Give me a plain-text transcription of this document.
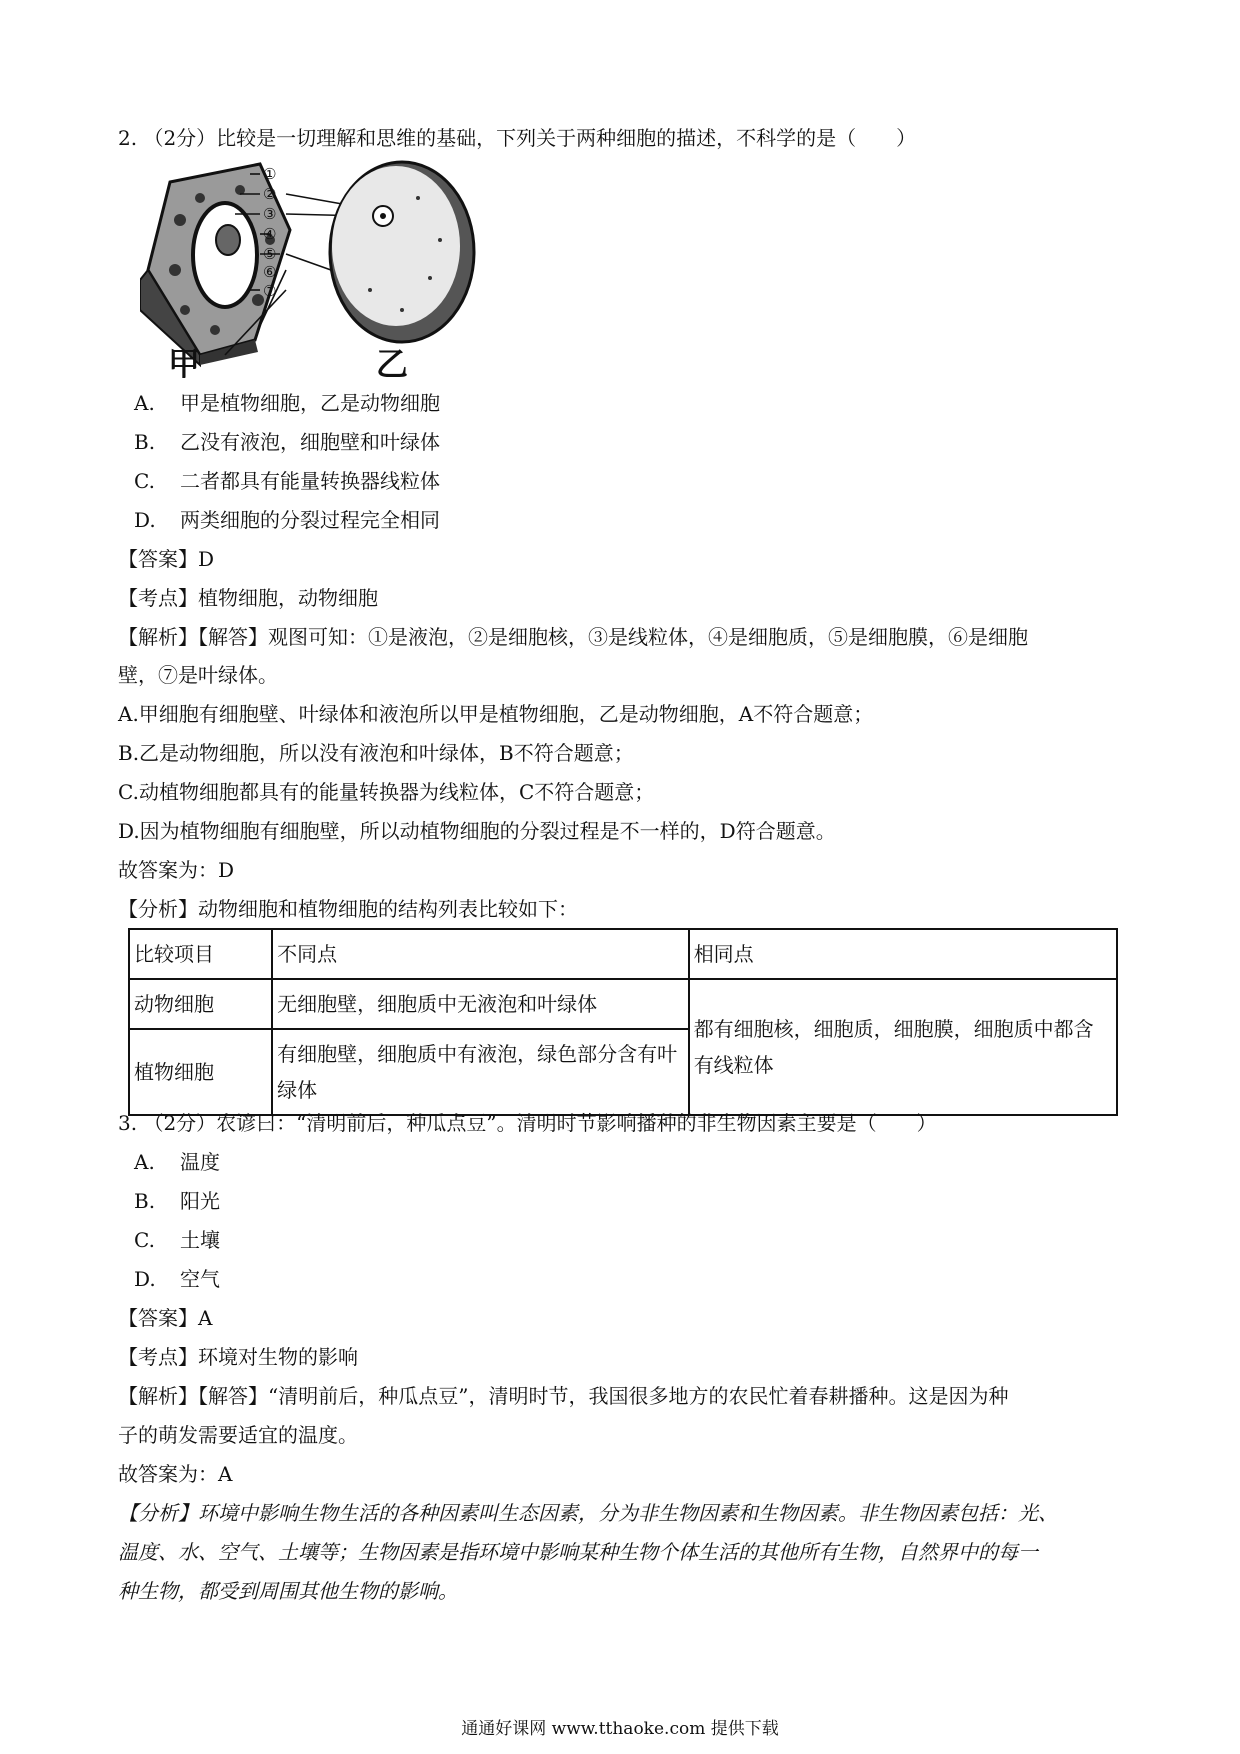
2. （2分）比较是一切理解和思维的基础，下列关于两种细胞的描述，不科学的是（　　）
①
②
③
④
⑤
⑥
⑦
甲	乙
A. 甲是植物细胞，乙是动物细胞
B. 乙没有液泡，细胞壁和叶绿体
C. 二者都具有能量转换器线粒体
D. 两类细胞的分裂过程完全相同
【答案】D
【考点】植物细胞，动物细胞
【解析】【解答】观图可知：①是液泡，②是细胞核，③是线粒体，④是细胞质，⑤是细胞膜，⑥是细胞
壁，⑦是叶绿体。
A.甲细胞有细胞壁、叶绿体和液泡所以甲是植物细胞，乙是动物细胞，A不符合题意；
B.乙是动物细胞，所以没有液泡和叶绿体，B不符合题意；
C.动植物细胞都具有的能量转换器为线粒体，C不符合题意；
D.因为植物细胞有细胞壁，所以动植物细胞的分裂过程是不一样的，D符合题意。
故答案为：D
【分析】动物细胞和植物细胞的结构列表比较如下：
比较项目	不同点	相同点
动物细胞	无细胞壁，细胞质中无液泡和叶绿体	都有细胞核，细胞质，细胞膜，细胞质中都含有线粒体
植物细胞	有细胞壁，细胞质中有液泡，绿色部分含有叶绿体	
3. （2分）农谚曰：“清明前后，种瓜点豆”。清明时节影响播种的非生物因素主要是（　　）
A. 温度
B. 阳光
C. 土壤
D. 空气
【答案】A
【考点】环境对生物的影响
【解析】【解答】“清明前后，种瓜点豆”，清明时节，我国很多地方的农民忙着春耕播种。这是因为种
子的萌发需要适宜的温度。
故答案为：A
【分析】环境中影响生物生活的各种因素叫生态因素，分为非生物因素和生物因素。非生物因素包括：光、
温度、水、空气、土壤等；生物因素是指环境中影响某种生物个体生活的其他所有生物，自然界中的每一
种生物，都受到周围其他生物的影响。
通通好课网 www.tthaoke.com 提供下载
